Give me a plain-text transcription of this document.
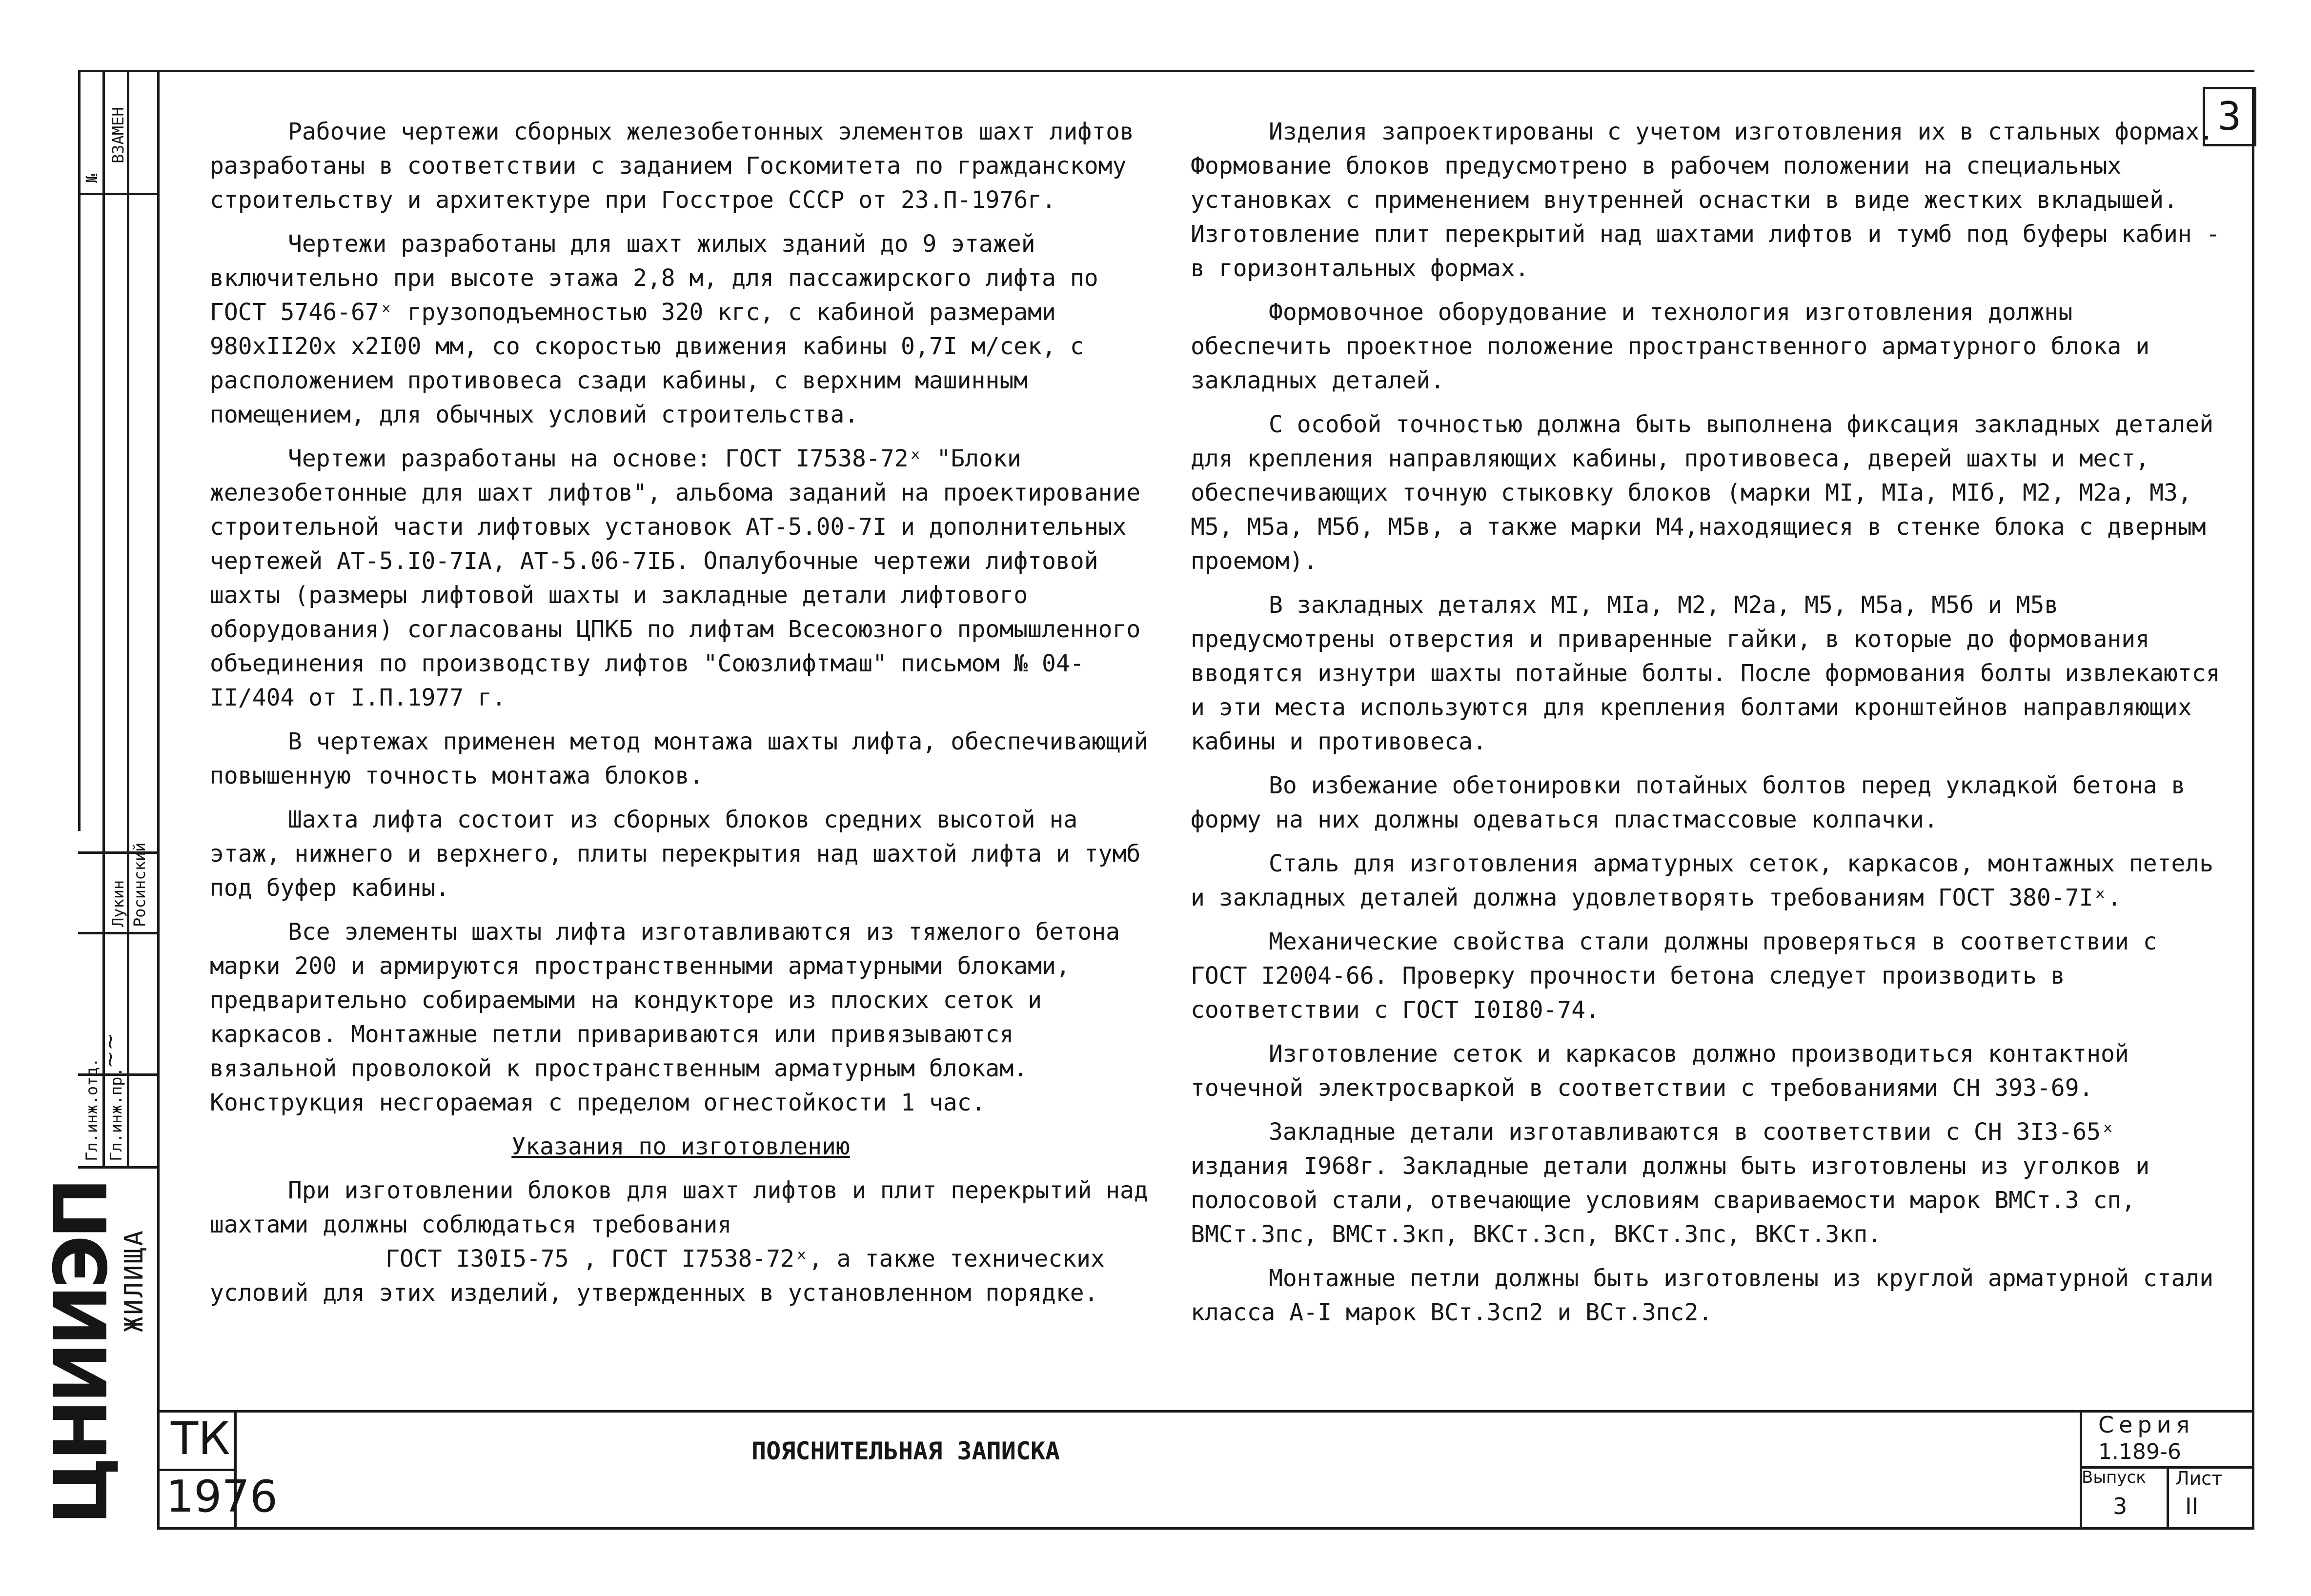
ВЗАМЕН
№
Гл.инж.отд. Гл.инж.пр.
~~
Росинский
Лукин
ЖИЛИЩА
ЦНИИЭП
3

Рабочие чертежи сборных железобетонных элементов шахт лифтов разработаны в соответствии с заданием Госкомитета по гражданскому строительству и архитектуре при Госстрое СССР от 23.П-1976г.

Чертежи разработаны для шахт жилых зданий до 9 этажей включительно при высоте этажа 2,8 м, для пассажирского лифта по ГОСТ 5746-67ˣ грузоподъемностью 320 кгс, с кабиной размерами 980хII20х х2I00 мм, со скоростью движения кабины 0,7I м/сек, с расположением противовеса сзади кабины, с верхним машинным помещением, для обычных условий строительства.

Чертежи разработаны на основе: ГОСТ I7538-72ˣ "Блоки железобетонные для шахт лифтов", альбома заданий на проектирование строительной части лифтовых установок АТ-5.00-7I и дополнительных чертежей АТ-5.I0-7IА, АТ-5.06-7IБ. Опалубочные чертежи лифтовой шахты (размеры лифтовой шахты и закладные детали лифтового оборудования) согласованы ЦПКБ по лифтам Всесоюзного промышленного объединения по производству лифтов "Союзлифтмаш" письмом № 04-II/404 от I.П.1977 г.

В чертежах применен метод монтажа шахты лифта, обеспечивающий повышенную точность монтажа блоков.

Шахта лифта состоит из сборных блоков средних высотой на этаж, нижнего и верхнего, плиты перекрытия над шахтой лифта и тумб под буфер кабины.

Все элементы шахты лифта изготавливаются из тяжелого бетона марки 200 и армируются пространственными арматурными блоками, предварительно собираемыми на кондукторе из плоских сеток и каркасов. Монтажные петли привариваются или привязываются вязальной проволокой к пространственным арматурным блокам. Конструкция несгораемая с пределом огнестойкости 1 час.

Указания по изготовлению

При изготовлении блоков для шахт лифтов и плит перекрытий над шахтами должны соблюдаться требования

ГОСТ I30I5-75 , ГОСТ I7538-72ˣ, а также технических условий для этих изделий, утвержденных в установленном порядке.

Изделия запроектированы с учетом изготовления их в стальных формах. Формование блоков предусмотрено в рабочем положении на специальных установках с применением внутренней оснастки в виде жестких вкладышей. Изготовление плит перекрытий над шахтами лифтов и тумб под буферы кабин - в горизонтальных формах.

Формовочное оборудование и технология изготовления должны обеспечить проектное положение пространственного арматурного блока и закладных деталей.

С особой точностью должна быть выполнена фиксация закладных деталей для крепления направляющих кабины, противовеса, дверей шахты и мест, обеспечивающих точную стыковку блоков (марки МI, МIа, МIб, М2, М2а, М3, М5, М5а, М5б, М5в, а также марки М4,находящиеся в стенке блока с дверным проемом).

В закладных деталях МI, МIа, М2, М2а, М5, М5а, М5б и М5в предусмотрены отверстия и приваренные гайки, в которые до формования вводятся изнутри шахты потайные болты. После формования болты извлекаются и эти места используются для крепления болтами кронштейнов направляющих кабины и противовеса.

Во избежание обетонировки потайных болтов перед укладкой бетона в форму на них должны одеваться пластмассовые колпачки.

Сталь для изготовления арматурных сеток, каркасов, монтажных петель и закладных деталей должна удовлетворять требованиям ГОСТ 380-7Iˣ.

Механические свойства стали должны проверяться в соответствии с ГОСТ I2004-66. Проверку прочности бетона следует производить в соответствии с ГОСТ I0I80-74.

Изготовление сеток и каркасов должно производиться контактной точечной электросваркой в соответствии с требованиями СН 393-69.

Закладные детали изготавливаются в соответствии с СН 3I3-65ˣ издания I968г. Закладные детали должны быть изготовлены из уголков и полосовой стали, отвечающие условиям свариваемости марок ВМСт.3 сп, ВМСт.3пс, ВМСт.3кп, ВКСт.3сп, ВКСт.3пс, ВКСт.3кп.

Монтажные петли должны быть изготовлены из круглой арматурной стали класса А-I марок ВСт.3сп2 и ВСт.3пс2.

ТК
1976
ПОЯСНИТЕЛЬНАЯ ЗАПИСКА
Серия
1.189-6
Выпуск
3
Лист
II
